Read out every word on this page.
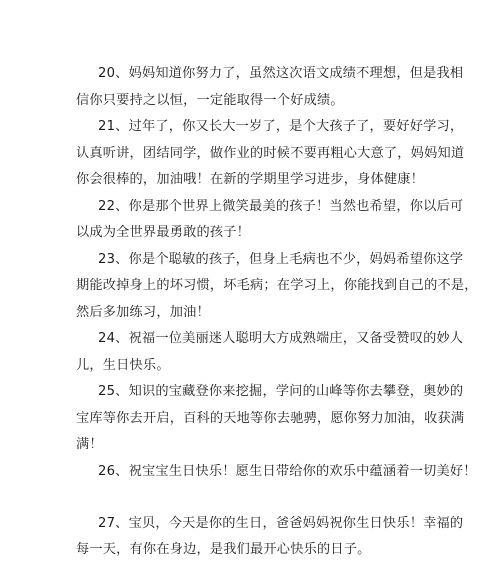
20、妈妈知道你努力了，虽然这次语文成绩不理想，但是我相
信你只要持之以恒，一定能取得一个好成绩。
21、过年了，你又长大一岁了，是个大孩子了，要好好学习，
认真听讲，团结同学，做作业的时候不要再粗心大意了，妈妈知道
你会很棒的，加油哦！在新的学期里学习进步，身体健康！
22、你是那个世界上微笑最美的孩子！当然也希望，你以后可
以成为全世界最勇敢的孩子！
23、你是个聪敏的孩子，但身上毛病也不少，妈妈希望你这学
期能改掉身上的坏习惯，坏毛病；在学习上，你能找到自己的不是，
然后多加练习，加油！
24、祝福一位美丽迷人聪明大方成熟端庄，又备受赞叹的妙人
儿，生日快乐。
25、知识的宝藏登你来挖掘，学问的山峰等你去攀登，奥妙的
宝库等你去开启，百科的天地等你去驰骋，愿你努力加油，收获满
满！
26、祝宝宝生日快乐！愿生日带给你的欢乐中蕴涵着一切美好！
27、宝贝，今天是你的生日，爸爸妈妈祝你生日快乐！幸福的
每一天，有你在身边，是我们最开心快乐的日子。
